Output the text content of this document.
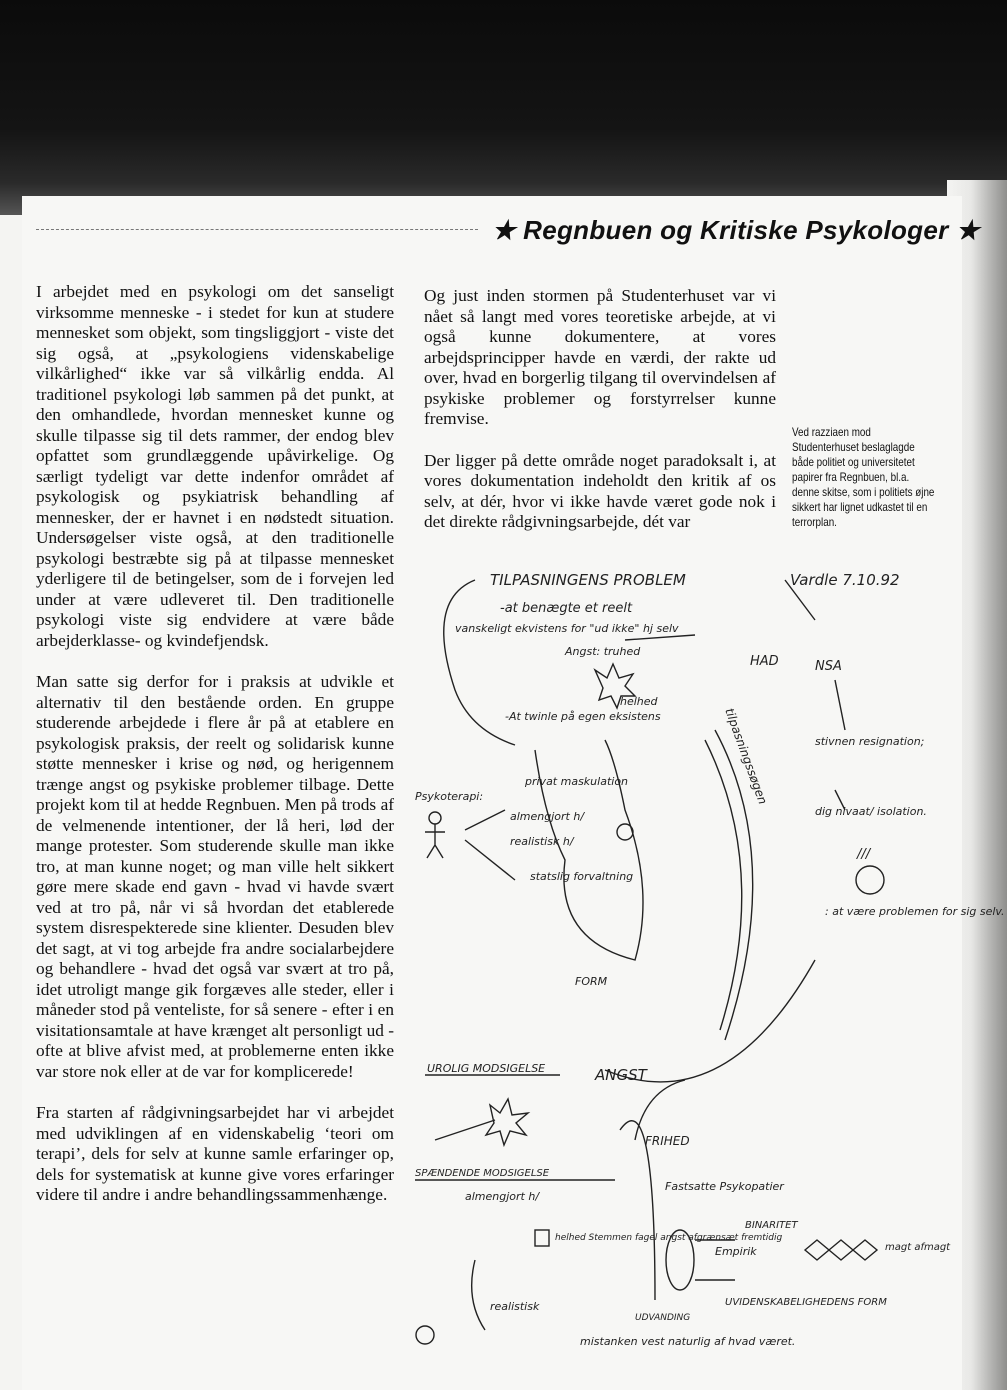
★ Regnbuen og Kritiske Psykologer ★

I arbejdet med en psykologi om det sanseligt virksomme menneske - i stedet for kun at studere mennesket som objekt, som tingsliggjort - viste det sig også, at „psykologiens videnskabelige vilkårlighed“ ikke var så vilkårlig endda. Al traditionel psykologi løb sammen på det punkt, at den omhandlede, hvordan mennesket kunne og skulle tilpasse sig til dets rammer, der endog blev opfattet som grundlæggende upåvirkelige. Og særligt tydeligt var dette indenfor området af psykologisk og psykiatrisk behandling af mennesker, der er havnet i en nødstedt situation. Undersøgelser viste også, at den traditionelle psykologi bestræbte sig på at tilpasse mennesket yderligere til de betingelser, som de i forvejen led under at være udleveret til. Den traditionelle psykologi viste sig endvidere at være både arbejderklasse- og kvindefjendsk.

Man satte sig derfor for i praksis at udvikle et alternativ til den bestående orden. En gruppe studerende arbejdede i flere år på at etablere en psykologisk praksis, der reelt og solidarisk kunne støtte mennesker i krise og nød, og herigennem trænge angst og psykiske problemer tilbage. Dette projekt kom til at hedde Regnbuen. Men på trods af de velmenende intentioner, der lå heri, lød der mange protester. Som studerende skulle man ikke tro, at man kunne noget; og man ville helt sikkert gøre mere skade end gavn - hvad vi havde svært ved at tro på, når vi så hvordan det etablerede system disrespekterede sine klienter. Desuden blev det sagt, at vi tog arbejde fra andre socialarbejdere og behandlere - hvad det også var svært at tro på, idet utroligt mange gik forgæves alle steder, eller i måneder stod på venteliste, for så senere - efter i en visitationsamtale at have krænget alt personligt ud - ofte at blive afvist med, at problemerne enten ikke var store nok eller at de var for komplicerede!

Fra starten af rådgivningsarbejdet har vi arbejdet med udviklingen af en videnskabelig ‘teori om terapi’, dels for selv at kunne samle erfaringer op, dels for systematisk at kunne give vores erfaringer videre til andre i andre behandlingssammenhænge.

Og just inden stormen på Studenterhuset var vi nået så langt med vores teoretiske arbejde, at vi også kunne dokumentere, at vores arbejdsprincipper havde en værdi, der rakte ud over, hvad en borgerlig tilgang til overvindelsen af psykiske problemer og forstyrrelser kunne fremvise.

Der ligger på dette område noget paradoksalt i, at vores dokumentation indeholdt den kritik af os selv, at dér, hvor vi ikke havde været gode nok i det direkte rådgivningsarbejde, dét var

Ved razziaen mod Studenterhuset beslaglagde både politiet og universitetet papirer fra Regnbuen, bl.a. denne skitse, som i politiets øjne sikkert har lignet udkastet til en terrorplan.
TILPASNINGENS PROBLEM	Vardle 7.10.92
-at benægte et reelt
vanskeligt ekvistens for "ud ikke" hj selv
Angst: truhed
HAD	NSA
helhed
-At twinle på egen eksistens	tilpasningssøgen	stivnen resignation;
dig nivaat/ isolation.
///
: at være problemen for sig selv.
Psykoterapi:
privat maskulation
almengjort h/
realistisk h/
statslig forvaltning
FORM
UROLIG MODSIGELSE	ANGST
FRIHED
SPÆNDENDE MODSIGELSE
almengjort h/
Fastsatte Psykopatier
BINARITET
Empirik	magt afmagt
helhed Stemmen fagel angst afgrænsæt fremtidig
realistisk	UVIDENSKABELIGHEDENS FORM
UDVANDING
mistanken vest naturlig af hvad været.
